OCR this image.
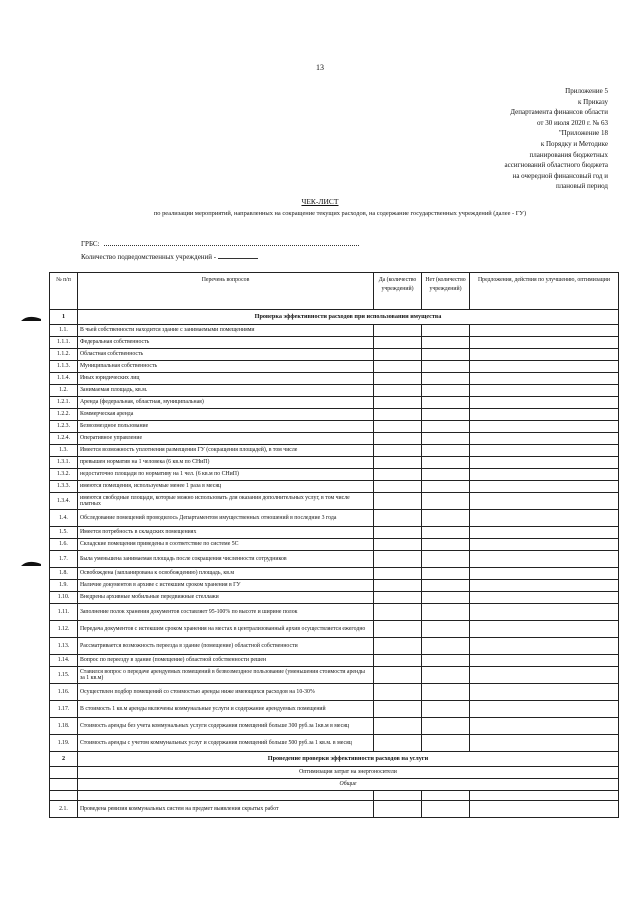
13
Приложение 5
к Приказу
Департамента финансов области
от 30 июля 2020 г. № 63
"Приложение 18
к Порядку и Методике
планирования бюджетных
ассигнований областного бюджета
на очередной финансовый год и
плановый период
ЧЕК-ЛИСТ
по реализации мероприятий, направленных на сокращение текущих расходов, на содержание государственных учреждений (далее - ГУ)
ГРБС:
Количество подведомственных учреждений -
№ п/п	Перечень вопросов	Да (количество учреждений)	Нет (количество учреждений)	Предложения, действия по улучшению, оптимизации
1	Проверка эффективности расходов при использовании имущества			
1.1.	В чьей собственности находится здание с занимаемыми помещениями			
1.1.1.	Федеральная собственность			
1.1.2.	Областная собственность			
1.1.3.	Муниципальная собственность			
1.1.4.	Иных юридических лиц			
1.2.	Занимаемая площадь, кв.м.			
1.2.1.	Аренда (федеральная, областная, муниципальная)			
1.2.2.	Коммерческая аренда			
1.2.3.	Безвозмездное пользование			
1.2.4.	Оперативное управление			
1.3.	Имеется возможность уплотнения размещения ГУ (сокращения площадей), в том числе			
1.3.1.	превышен норматив на 1 человека (6 кв.м по СНиП)			
1.3.2.	недостаточно площади по нормативу на 1 чел. (6 кв.м по СНиП)			
1.3.3.	имеются помещения, используемые менее 1 раза в месяц			
1.3.4.	имеются свободные площади, которые можно использовать для оказания дополнительных услуг, в том числе платных			
1.4.	Обследование помещений проводилось Департаментом имущественных отношений в последние 3 года			
1.5.	Имеется потребность в складских помещениях			
1.6.	Складские помещения приведены в соответствие по системе 5С			
1.7.	Была уменьшена занимаемая площадь после сокращения численности сотрудников			
1.8.	Освобождена (запланирована к освобождению) площадь, кв.м			
1.9.	Наличие документов в архиве с истекшим сроком хранения в ГУ			
1.10.	Внедрены архивные мобильные передвижные стеллажи			
1.11.	Заполнение полок хранения документов составляет 95-100% по высоте и ширине полок			
1.12.	Передача документов с истекшим сроком хранения на местах в централизованный архив осуществляется ежегодно			
1.13.	Рассматривается возможность переезда в здание (помещение) областной собственности			
1.14.	Вопрос по переезду в здание (помещение) областной собственности решен			
1.15.	Ставился вопрос о передаче арендуемых помещений в безвозмездное пользование (уменьшения стоимости аренды за 1 кв.м)			
1.16.	Осуществлен подбор помещений со стоимостью аренды ниже имеющихся расходов на 10-30%			
1.17.	В стоимость 1 кв.м аренды включены коммунальные услуги и содержание арендуемых помещений			
1.18.	Стоимость аренды без учета коммунальных услуги содержания помещений больше 300 руб.за 1кв.м в месяц			
1.19.	Стоимость аренды с учетом коммунальных услуг и содержания помещений больше 500 руб.за 1 кв.м. в месяц			
2	Проведение проверки эффективности расходов на услуги			
	Оптимизация затрат на энергоносители			
	Общие			

2.1.	Проведена ревизия коммунальных систем на предмет выявления скрытых работ			
